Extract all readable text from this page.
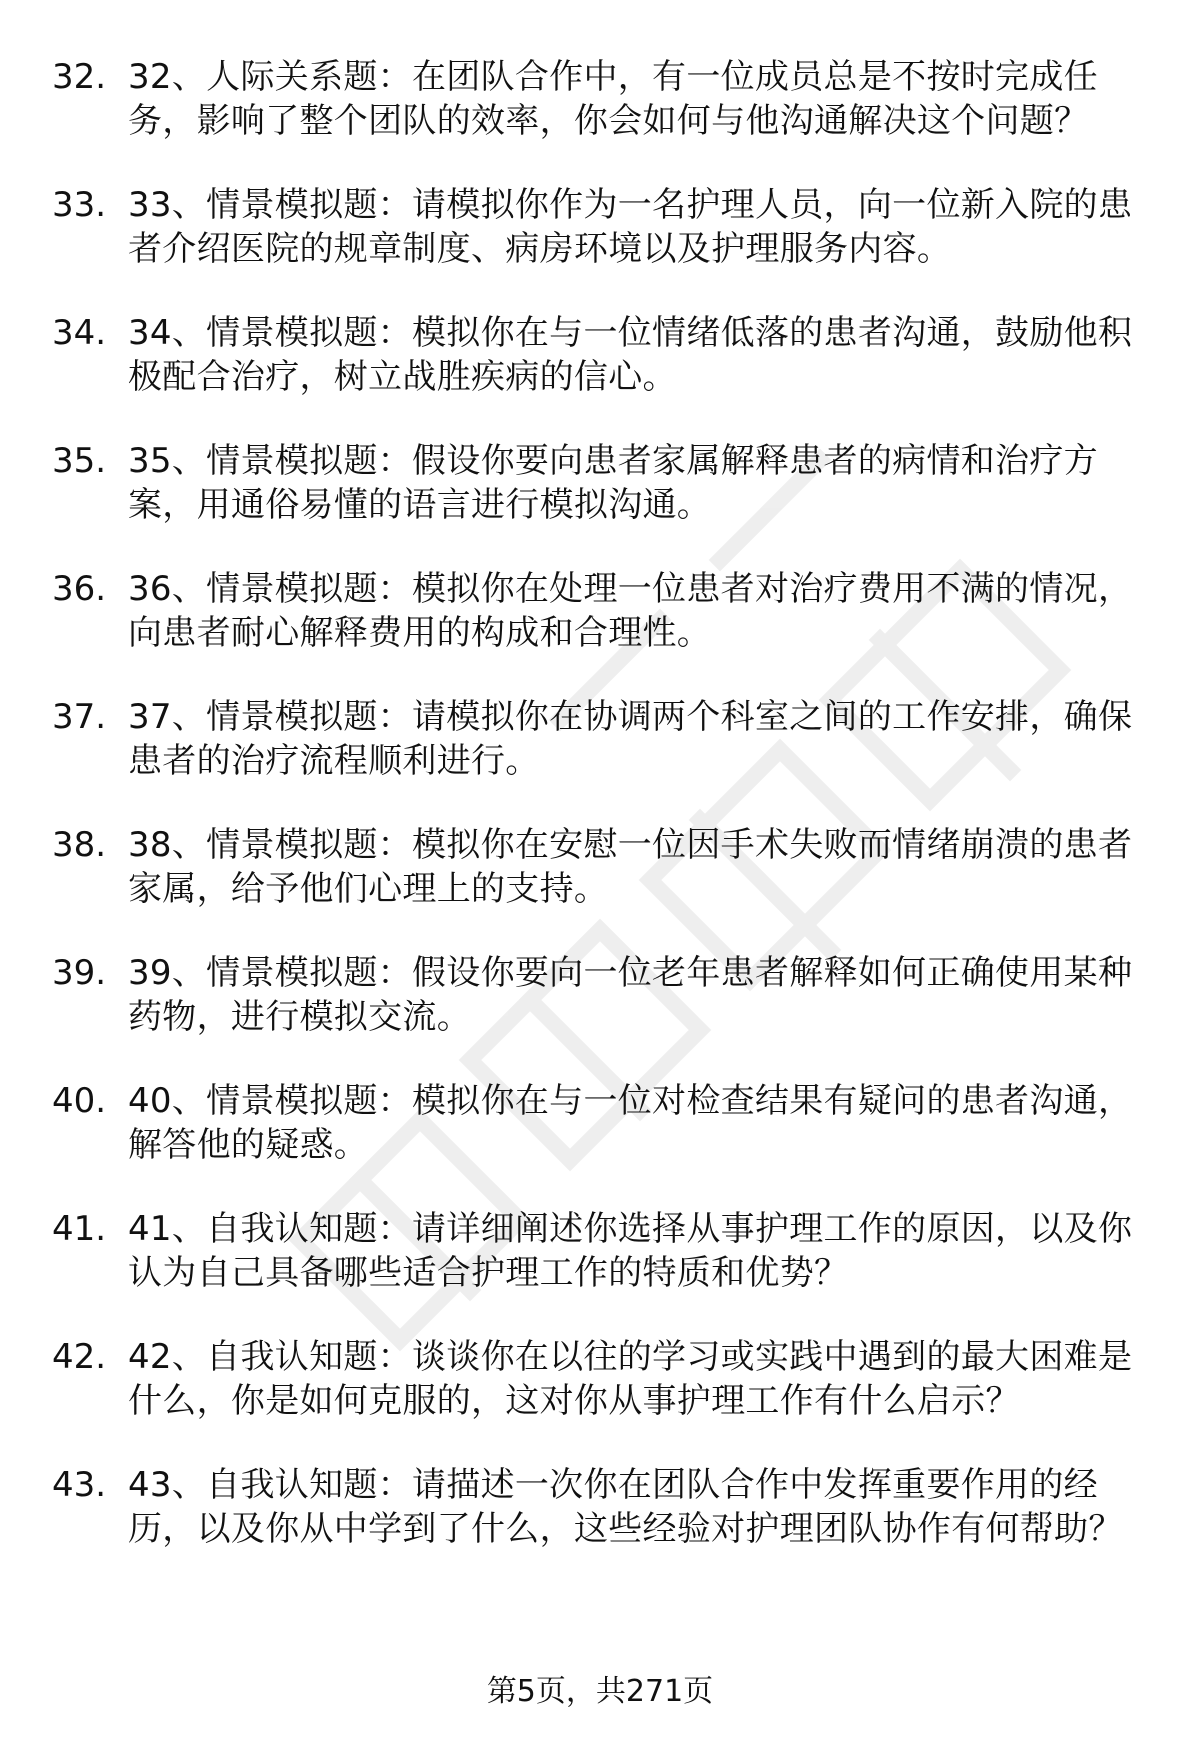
32. 32、人际关系题：在团队合作中，有一位成员总是不按时完成任务，影响了整个团队的效率，你会如何与他沟通解决这个问题？
33. 33、情景模拟题：请模拟你作为一名护理人员，向一位新入院的患者介绍医院的规章制度、病房环境以及护理服务内容。
34. 34、情景模拟题：模拟你在与一位情绪低落的患者沟通，鼓励他积极配合治疗，树立战胜疾病的信心。
35. 35、情景模拟题：假设你要向患者家属解释患者的病情和治疗方案，用通俗易懂的语言进行模拟沟通。
36. 36、情景模拟题：模拟你在处理一位患者对治疗费用不满的情况，向患者耐心解释费用的构成和合理性。
37. 37、情景模拟题：请模拟你在协调两个科室之间的工作安排，确保患者的治疗流程顺利进行。
38. 38、情景模拟题：模拟你在安慰一位因手术失败而情绪崩溃的患者家属，给予他们心理上的支持。
39. 39、情景模拟题：假设你要向一位老年患者解释如何正确使用某种药物，进行模拟交流。
40. 40、情景模拟题：模拟你在与一位对检查结果有疑问的患者沟通，解答他的疑惑。
41. 41、自我认知题：请详细阐述你选择从事护理工作的原因，以及你认为自己具备哪些适合护理工作的特质和优势？
42. 42、自我认知题：谈谈你在以往的学习或实践中遇到的最大困难是什么，你是如何克服的，这对你从事护理工作有什么启示？
43. 43、自我认知题：请描述一次你在团队合作中发挥重要作用的经历，以及你从中学到了什么，这些经验对护理团队协作有何帮助？
第5页，共271页
